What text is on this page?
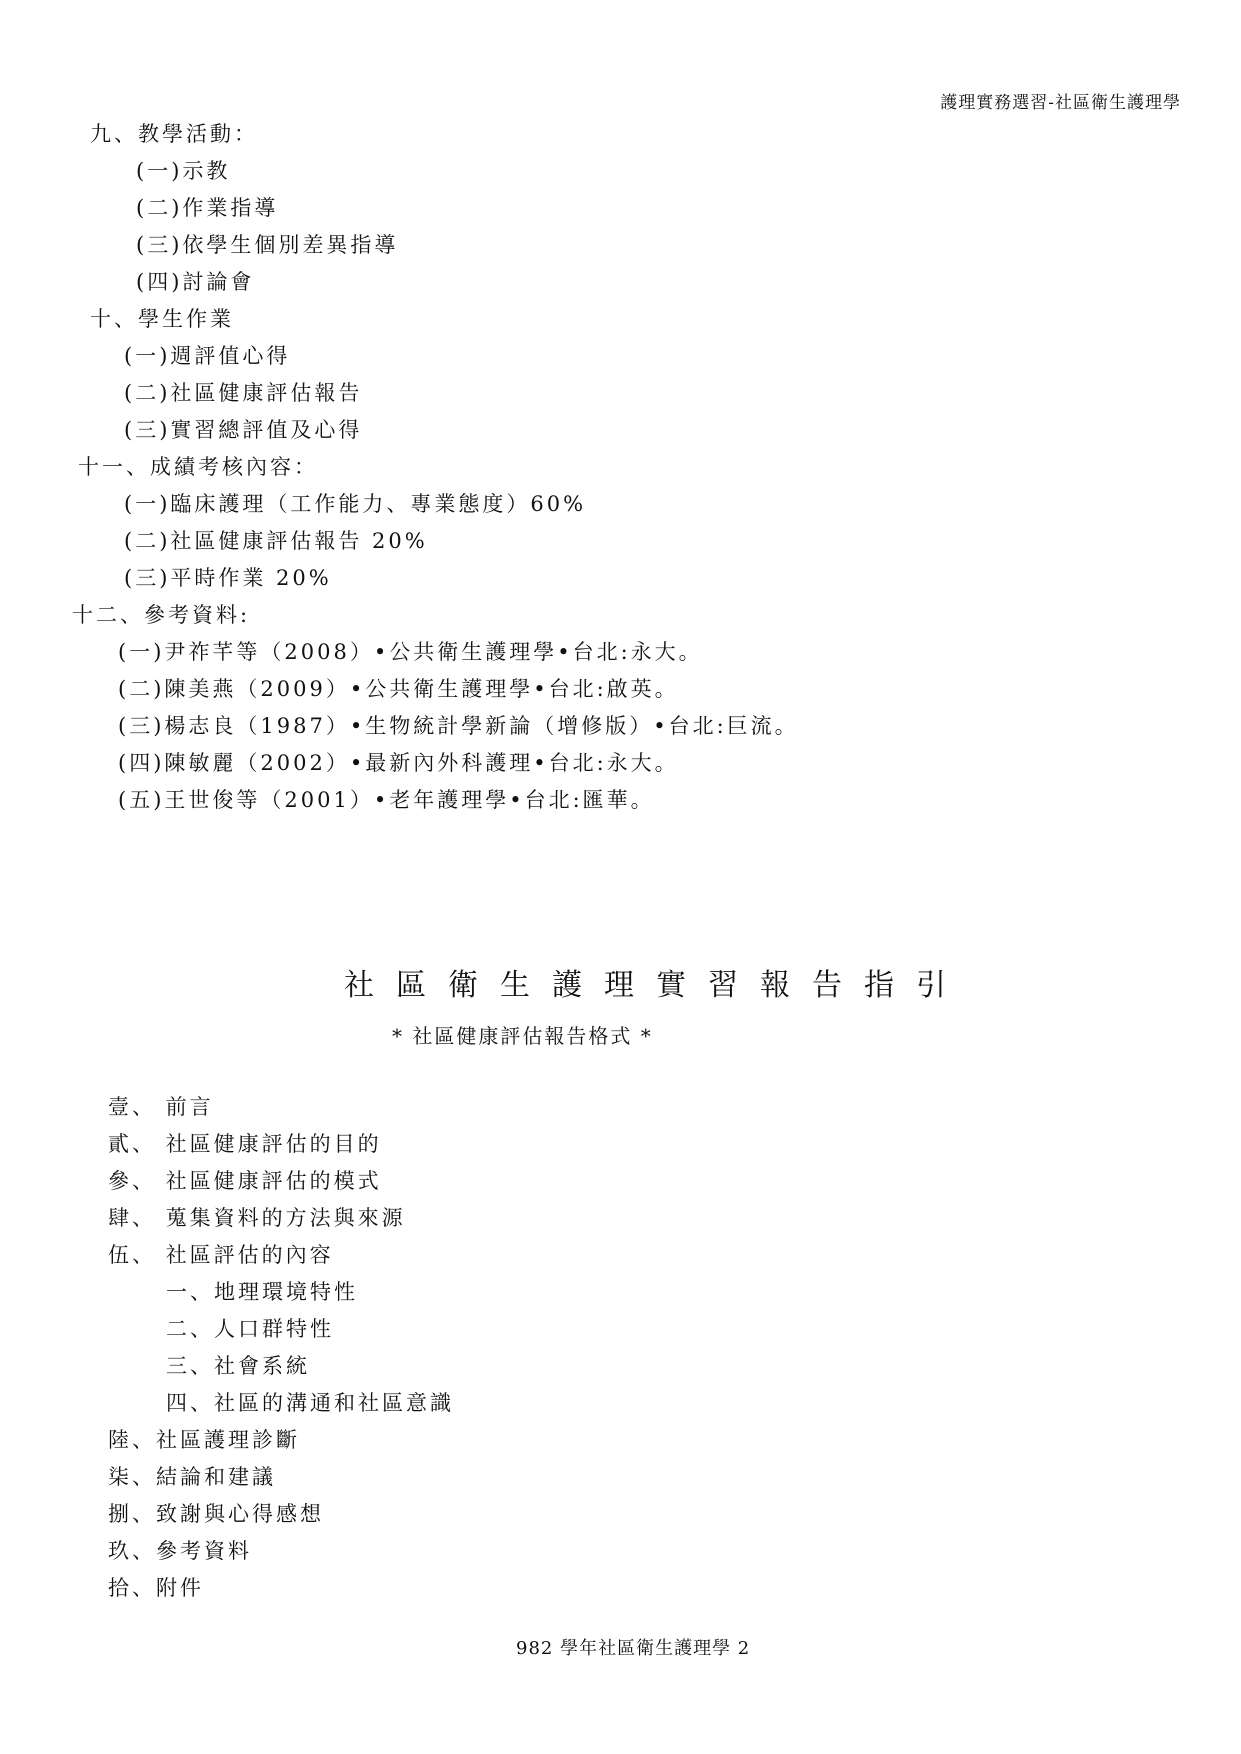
護理實務選習-社區衛生護理學
九、教學活動：
(一)示教
(二)作業指導
(三)依學生個別差異指導
(四)討論會
十、學生作業
(一)週評值心得
(二)社區健康評估報告
(三)實習總評值及心得
十一、成績考核內容：
(一)臨床護理（工作能力、專業態度）60%
(二)社區健康評估報告 20%
(三)平時作業 20%
十二、參考資料:
(一)尹祚芊等（2008）•公共衛生護理學•台北:永大。
(二)陳美燕（2009）•公共衛生護理學•台北:啟英。
(三)楊志良（1987）•生物統計學新論（增修版）•台北:巨流。
(四)陳敏麗（2002）•最新內外科護理•台北:永大。
(五)王世俊等（2001）•老年護理學•台北:匯華。
社區衛生護理實習報告指引
* 社區健康評估報告格式 *
壹、 前言
貳、 社區健康評估的目的
參、 社區健康評估的模式
肆、 蒐集資料的方法與來源
伍、 社區評估的內容
一、地理環境特性
二、人口群特性
三、社會系統
四、社區的溝通和社區意識
陸、社區護理診斷
柒、結論和建議
捌、致謝與心得感想
玖、參考資料
拾、附件
982 學年社區衛生護理學 2
